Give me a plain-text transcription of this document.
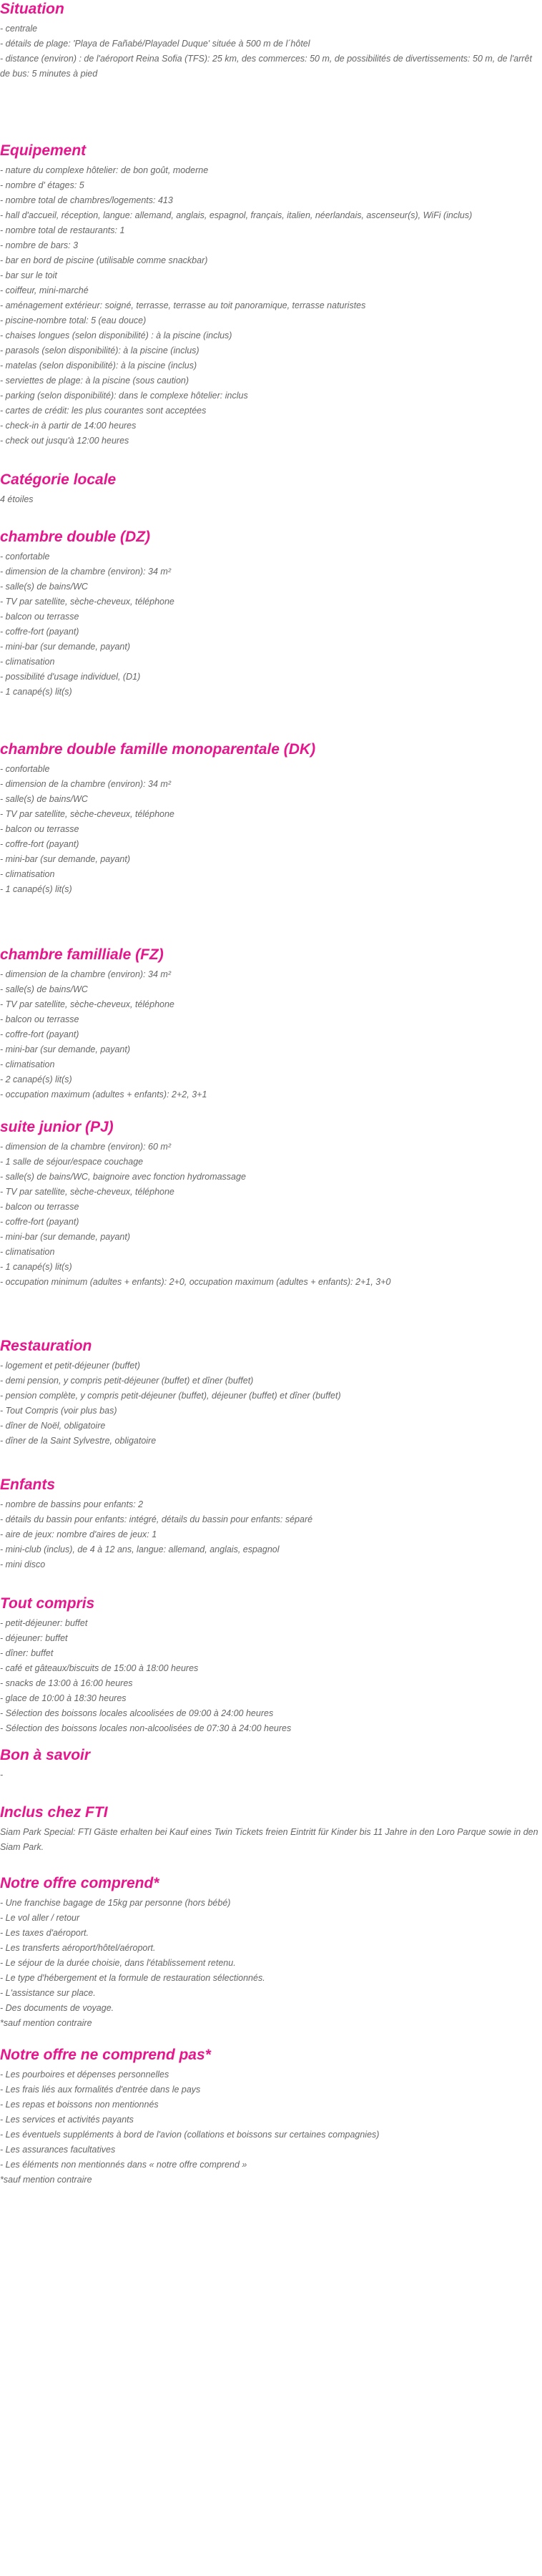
Situation
- centrale
- détails de plage: 'Playa de Fañabé/Playadel Duque' située à 500 m de l´hôtel
- distance (environ) : de l'aéroport Reina Sofia (TFS): 25 km, des commerces: 50 m, de possibilités de divertissements: 50 m, de l'arrêt de bus: 5 minutes à pied
Equipement
- nature du complexe hôtelier: de bon goût, moderne
- nombre d' étages: 5
- nombre total de chambres/logements: 413
- hall d'accueil, réception, langue: allemand, anglais, espagnol, français, italien, néerlandais, ascenseur(s), WiFi (inclus)
- nombre total de restaurants: 1
- nombre de bars: 3
- bar en bord de piscine (utilisable comme snackbar)
- bar sur le toit
- coiffeur, mini-marché
- aménagement extérieur: soigné, terrasse, terrasse au toit panoramique, terrasse naturistes
- piscine-nombre total: 5 (eau douce)
- chaises longues (selon disponibilité) : à la piscine (inclus)
- parasols (selon disponibilité): à la piscine (inclus)
- matelas (selon disponibilité): à la piscine (inclus)
- serviettes de plage: à la piscine (sous caution)
- parking (selon disponibilité): dans le complexe hôtelier: inclus
- cartes de crédit: les plus courantes sont acceptées
- check-in à partir de 14:00 heures
- check out jusqu'à 12:00 heures
Catégorie locale
4 étoiles
chambre double (DZ)
- confortable
- dimension de la chambre (environ): 34 m²
- salle(s) de bains/WC
- TV par satellite, sèche-cheveux, téléphone
- balcon ou terrasse
- coffre-fort (payant)
- mini-bar (sur demande, payant)
- climatisation
- possibilité d'usage individuel, (D1)
- 1 canapé(s) lit(s)
chambre double famille monoparentale (DK)
- confortable
- dimension de la chambre (environ): 34 m²
- salle(s) de bains/WC
- TV par satellite, sèche-cheveux, téléphone
- balcon ou terrasse
- coffre-fort (payant)
- mini-bar (sur demande, payant)
- climatisation
- 1 canapé(s) lit(s)
chambre familliale (FZ)
- dimension de la chambre (environ): 34 m²
- salle(s) de bains/WC
- TV par satellite, sèche-cheveux, téléphone
- balcon ou terrasse
- coffre-fort (payant)
- mini-bar (sur demande, payant)
- climatisation
- 2 canapé(s) lit(s)
- occupation maximum (adultes + enfants): 2+2, 3+1
suite junior (PJ)
- dimension de la chambre (environ): 60 m²
- 1 salle de séjour/espace couchage
- salle(s) de bains/WC, baignoire avec fonction hydromassage
- TV par satellite, sèche-cheveux, téléphone
- balcon ou terrasse
- coffre-fort (payant)
- mini-bar (sur demande, payant)
- climatisation
- 1 canapé(s) lit(s)
- occupation minimum (adultes + enfants): 2+0, occupation maximum (adultes + enfants): 2+1, 3+0
Restauration
- logement et petit-déjeuner (buffet)
- demi pension, y compris petit-déjeuner (buffet) et dîner (buffet)
- pension complète, y compris petit-déjeuner (buffet), déjeuner (buffet) et dîner (buffet)
- Tout Compris (voir plus bas)
- dîner de Noël, obligatoire
- dîner de la Saint Sylvestre, obligatoire
Enfants
- nombre de bassins pour enfants: 2
- détails du bassin pour enfants: intégré, détails du bassin pour enfants: séparé
- aire de jeux: nombre d'aires de jeux: 1
- mini-club (inclus), de 4 à 12 ans, langue: allemand, anglais, espagnol
- mini disco
Tout compris
- petit-déjeuner: buffet
- déjeuner: buffet
- dîner: buffet
- café et gâteaux/biscuits de 15:00 à 18:00 heures
- snacks de 13:00 à 16:00 heures
- glace de 10:00 à 18:30 heures
- Sélection des boissons locales alcoolisées de 09:00 à 24:00 heures
- Sélection des boissons locales non-alcoolisées de 07:30 à 24:00 heures
Bon à savoir
-
Inclus chez FTI
Siam Park Special: FTI Gäste erhalten bei Kauf eines Twin Tickets freien Eintritt für Kinder bis 11 Jahre in den Loro Parque sowie in den Siam Park.
Notre offre comprend*
- Une franchise bagage de 15kg par personne (hors bébé)
- Le vol aller / retour
- Les taxes d'aéroport.
- Les transferts aéroport/hôtel/aéroport.
- Le séjour de la durée choisie, dans l'établissement retenu.
- Le type d'hébergement et la formule de restauration sélectionnés.
- L'assistance sur place.
- Des documents de voyage.
*sauf mention contraire
Notre offre ne comprend pas*
- Les pourboires et dépenses personnelles
- Les frais liés aux formalités d'entrée dans le pays
- Les repas et boissons non mentionnés
- Les services et activités payants
- Les éventuels suppléments à bord de l'avion (collations et boissons sur certaines compagnies)
- Les assurances facultatives
- Les éléments non mentionnés dans « notre offre comprend »
*sauf mention contraire
